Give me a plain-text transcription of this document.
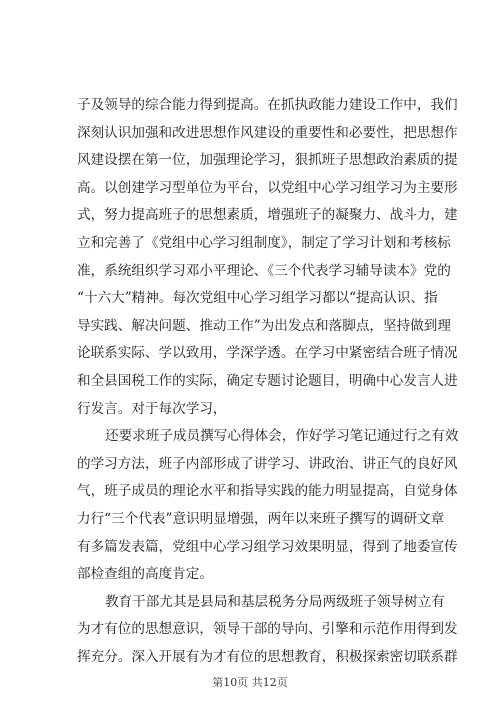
子及领导的综合能力得到提高。在抓执政能力建设工作中，我们
深刻认识加强和改进思想作风建设的重要性和必要性，把思想作
风建设摆在第一位，加强理论学习，狠抓班子思想政治素质的提
高。以创建学习型单位为平台，以党组中心学习组学习为主要形
式，努力提高班子的思想素质，增强班子的凝聚力、战斗力，建
立和完善了《党组中心学习组制度》，制定了学习计划和考核标
准，系统组织学习邓小平理论、《三个代表学习辅导读本》党的
“十六大”精神。每次党组中心学习组学习都以“提高认识、指
导实践、解决问题、推动工作”为出发点和落脚点，坚持做到理
论联系实际、学以致用，学深学透。在学习中紧密结合班子情况
和全县国税工作的实际，确定专题讨论题目，明确中心发言人进
行发言。对于每次学习，
还要求班子成员撰写心得体会，作好学习笔记通过行之有效
的学习方法，班子内部形成了讲学习、讲政治、讲正气的良好风
气，班子成员的理论水平和指导实践的能力明显提高，自觉身体
力行“三个代表”意识明显增强，两年以来班子撰写的调研文章
有多篇发表篇，党组中心学习组学习效果明显，得到了地委宣传
部检查组的高度肯定。
教育干部尤其是县局和基层税务分局两级班子领导树立有
为才有位的思想意识，领导干部的导向、引擎和示范作用得到发
挥充分。深入开展有为才有位的思想教育，积极探索密切联系群
第10页 共12页
